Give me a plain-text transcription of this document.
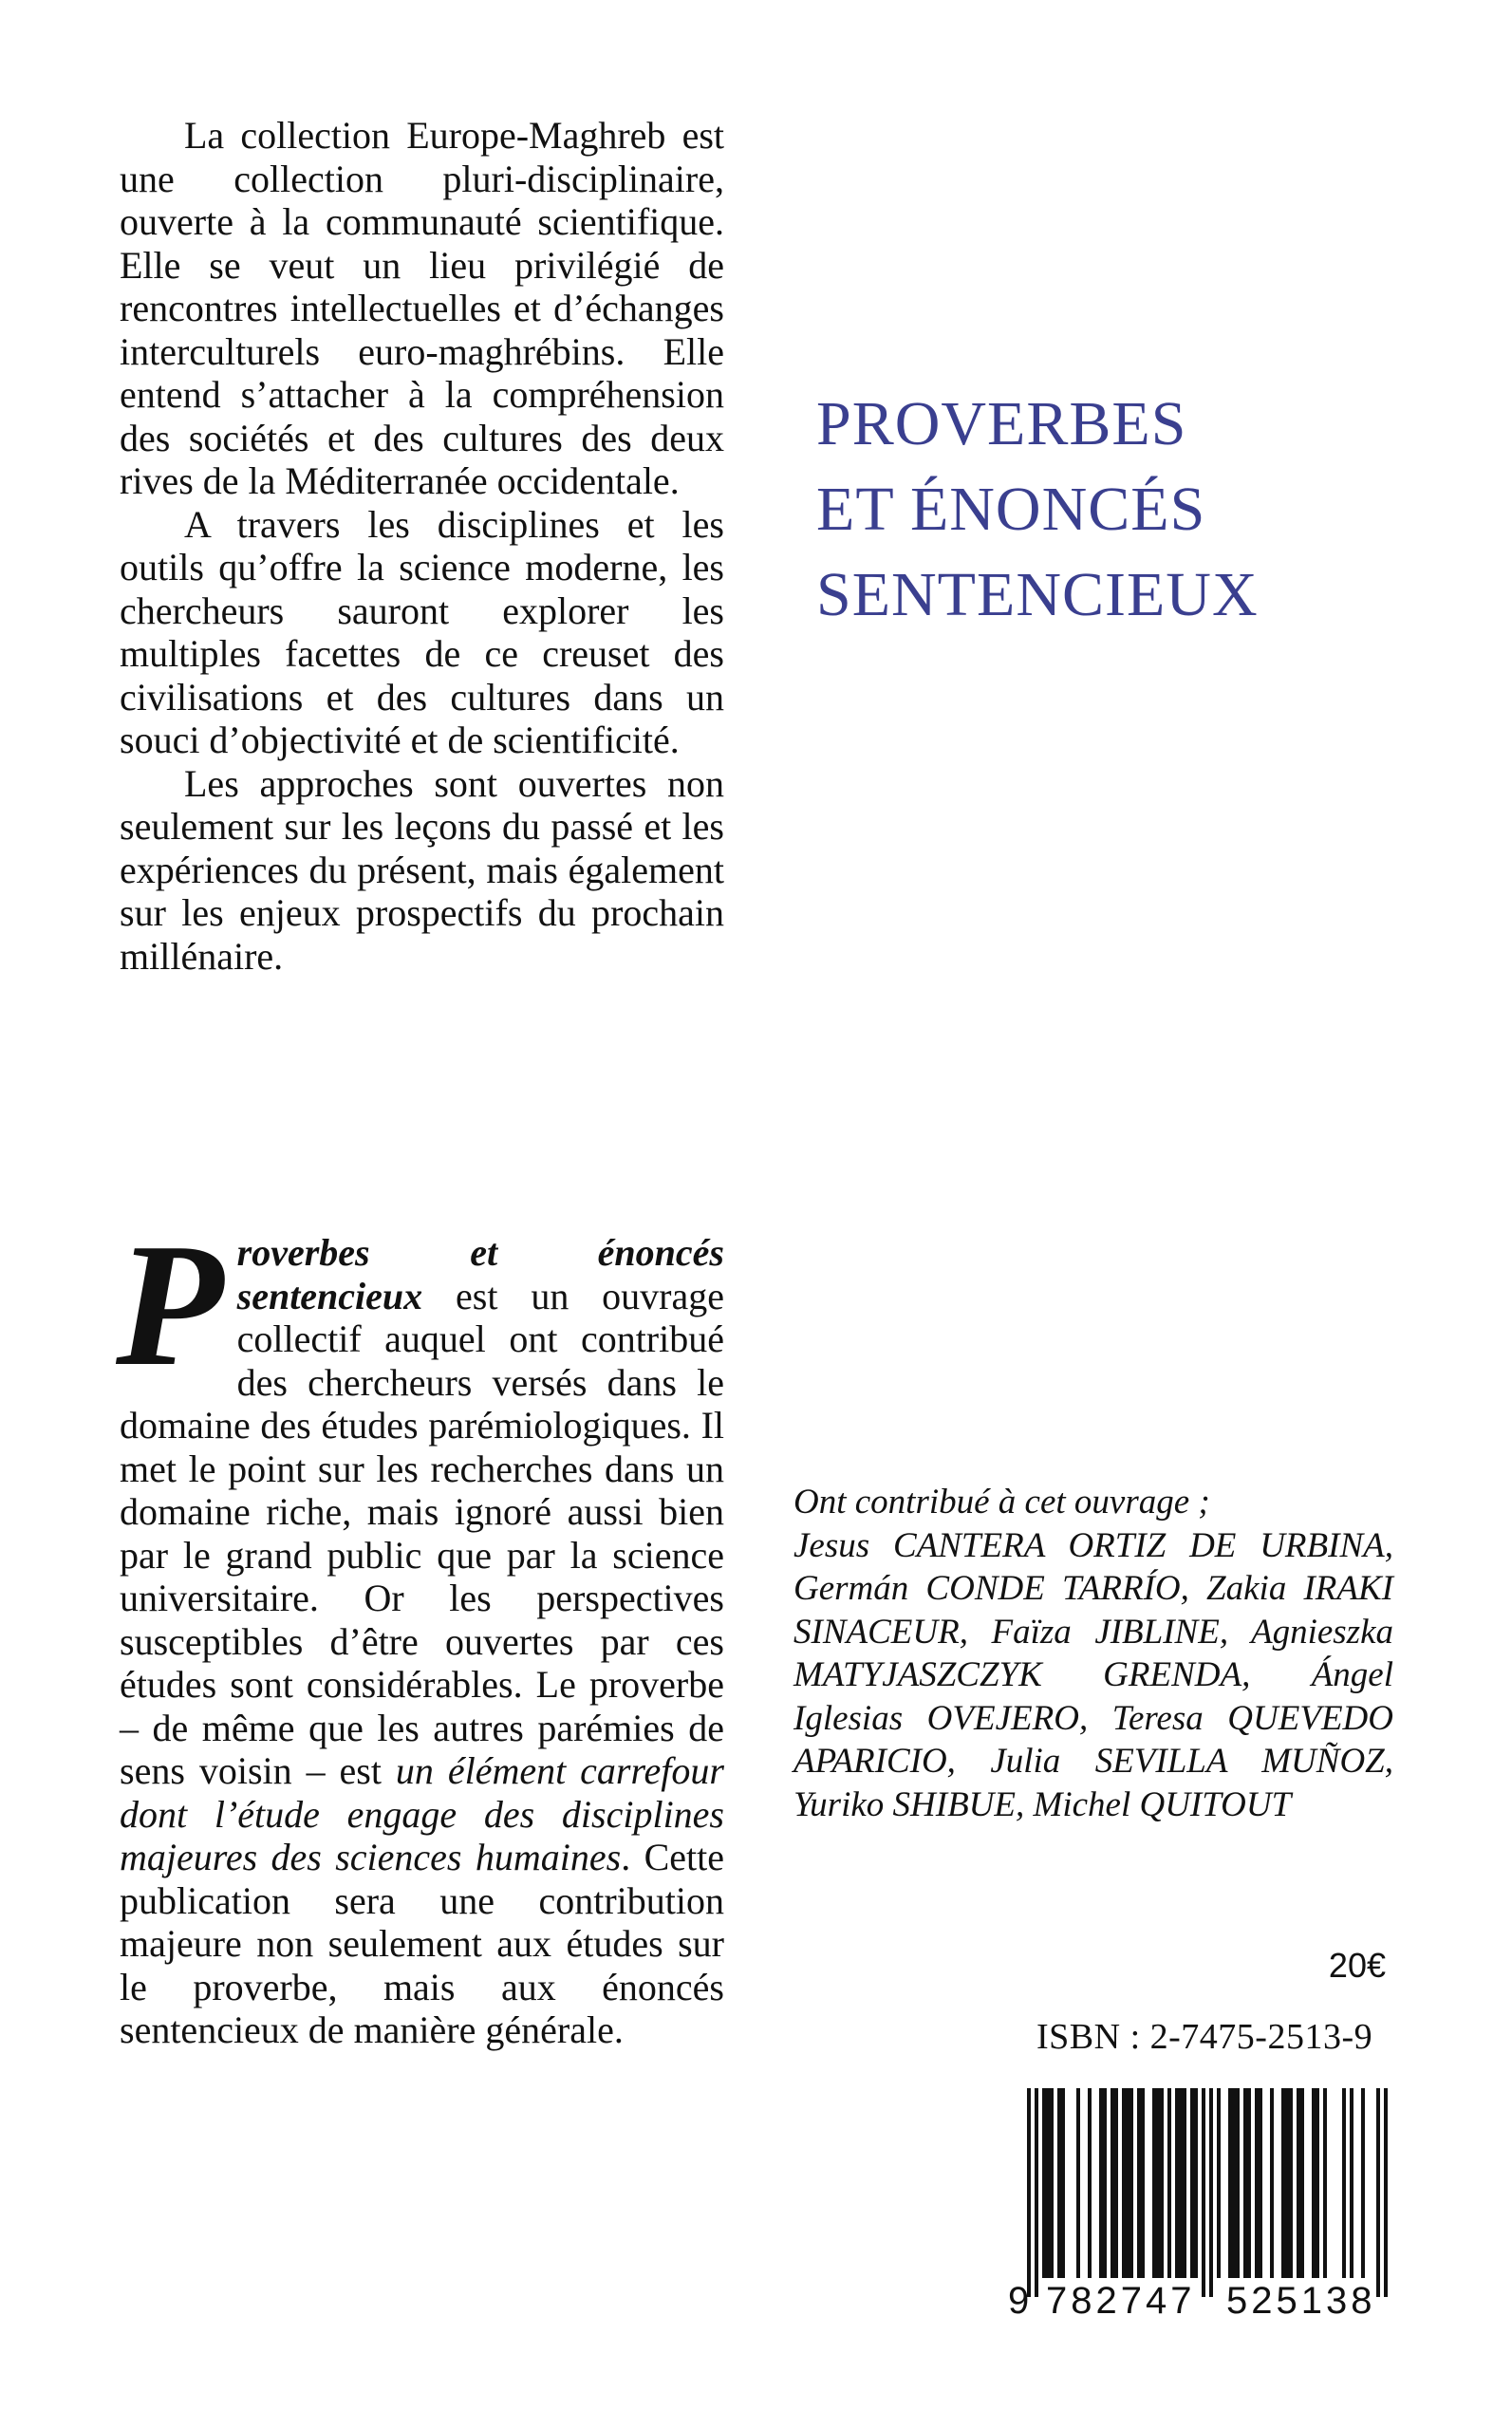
La collection Europe-Maghreb est une collection pluri-disciplinaire, ouverte à la communauté scientifique. Elle se veut un lieu privilégié de rencontres intellectuelles et d’échanges interculturels euro-maghrébins. Elle entend s’attacher à la compréhension des sociétés et des cultures des deux rives de la Méditerranée occidentale.

A travers les disciplines et les outils qu’offre la science moderne, les chercheurs sauront explorer les multiples facettes de ce creuset des civilisations et des cultures dans un souci d’objectivité et de scientificité.

Les approches sont ouvertes non seulement sur les leçons du passé et les expériences du présent, mais également sur les enjeux prospectifs du prochain millénaire.

PROVERBES
ET ÉNONCÉS
SENTENCIEUX

Proverbes et énoncés sentencieux est un ouvrage collectif auquel ont contribué des chercheurs versés dans le domaine des études parémiologiques. Il met le point sur les recherches dans un domaine riche, mais ignoré aussi bien par le grand public que par la science universitaire. Or les perspectives susceptibles d’être ouvertes par ces études sont considérables. Le proverbe – de même que les autres parémies de sens voisin – est un élément carrefour dont l’étude engage des disciplines majeures des sciences humaines. Cette publication sera une contribution majeure non seulement aux études sur le proverbe, mais aux énoncés sentencieux de manière générale.

Ont contribué à cet ouvrage ;
Jesus CANTERA ORTIZ DE URBINA, Germán CONDE TARRÍO, Zakia IRAKI SINACEUR, Faïza JIBLINE, Agnieszka MATYJASZCZYK GRENDA, Ángel Iglesias OVEJERO, Teresa QUEVEDO APARICIO, Julia SEVILLA MUÑOZ, Yuriko SHIBUE, Michel QUITOUT

20€
ISBN : 2-7475-2513-9
9 782747 525138
